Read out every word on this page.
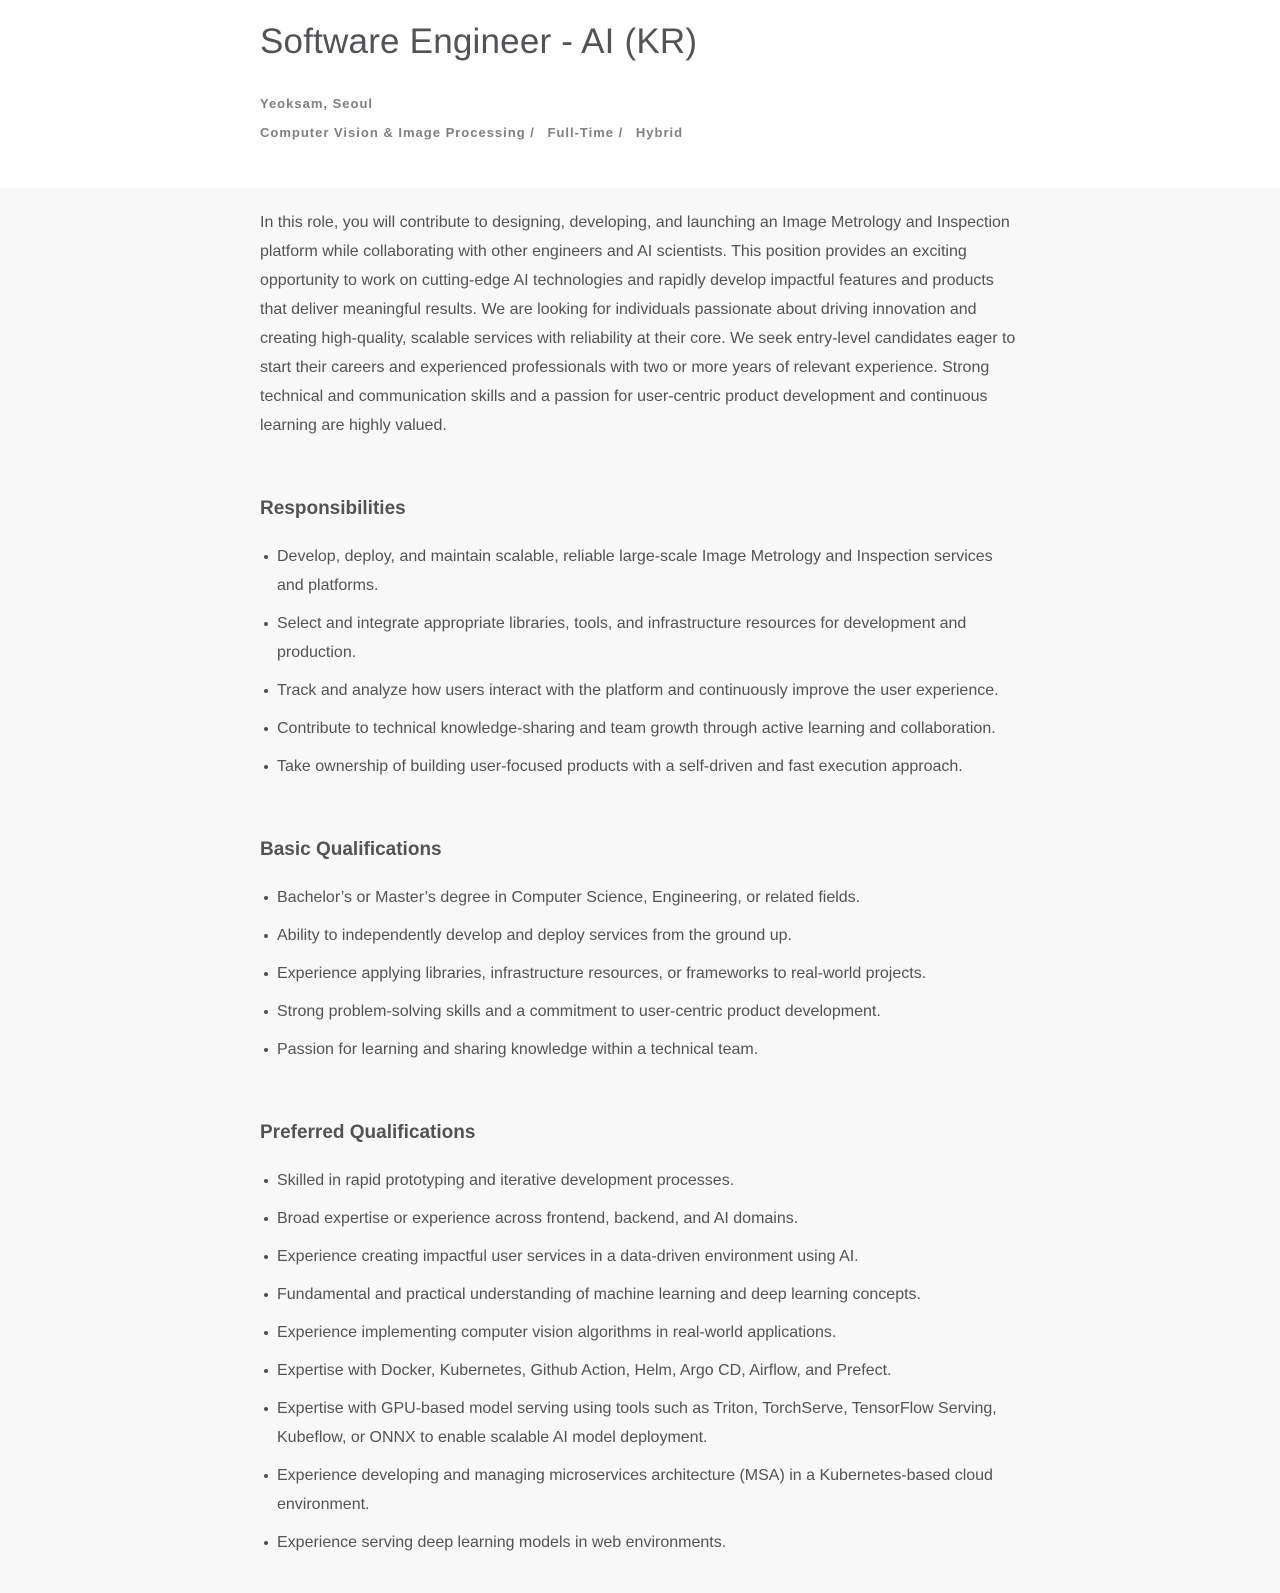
Software Engineer - AI (KR)
Yeoksam, Seoul
Computer Vision & Image Processing / Full-Time / Hybrid

In this role, you will contribute to designing, developing, and launching an Image Metrology and Inspection platform while collaborating with other engineers and AI scientists. This position provides an exciting opportunity to work on cutting-edge AI technologies and rapidly develop impactful features and products that deliver meaningful results. We are looking for individuals passionate about driving innovation and creating high-quality, scalable services with reliability at their core. We seek entry-level candidates eager to start their careers and experienced professionals with two or more years of relevant experience. Strong technical and communication skills and a passion for user-centric product development and continuous learning are highly valued.

Responsibilities
Develop, deploy, and maintain scalable, reliable large-scale Image Metrology and Inspection services and platforms.
Select and integrate appropriate libraries, tools, and infrastructure resources for development and production.
Track and analyze how users interact with the platform and continuously improve the user experience.
Contribute to technical knowledge-sharing and team growth through active learning and collaboration.
Take ownership of building user-focused products with a self-driven and fast execution approach.
Basic Qualifications
Bachelor’s or Master’s degree in Computer Science, Engineering, or related fields.
Ability to independently develop and deploy services from the ground up.
Experience applying libraries, infrastructure resources, or frameworks to real-world projects.
Strong problem-solving skills and a commitment to user-centric product development.
Passion for learning and sharing knowledge within a technical team.
Preferred Qualifications
Skilled in rapid prototyping and iterative development processes.
Broad expertise or experience across frontend, backend, and AI domains.
Experience creating impactful user services in a data-driven environment using AI.
Fundamental and practical understanding of machine learning and deep learning concepts.
Experience implementing computer vision algorithms in real-world applications.
Expertise with Docker, Kubernetes, Github Action, Helm, Argo CD, Airflow, and Prefect.
Expertise with GPU-based model serving using tools such as Triton, TorchServe, TensorFlow Serving, Kubeflow, or ONNX to enable scalable AI model deployment.
Experience developing and managing microservices architecture (MSA) in a Kubernetes-based cloud environment.
Experience serving deep learning models in web environments.
